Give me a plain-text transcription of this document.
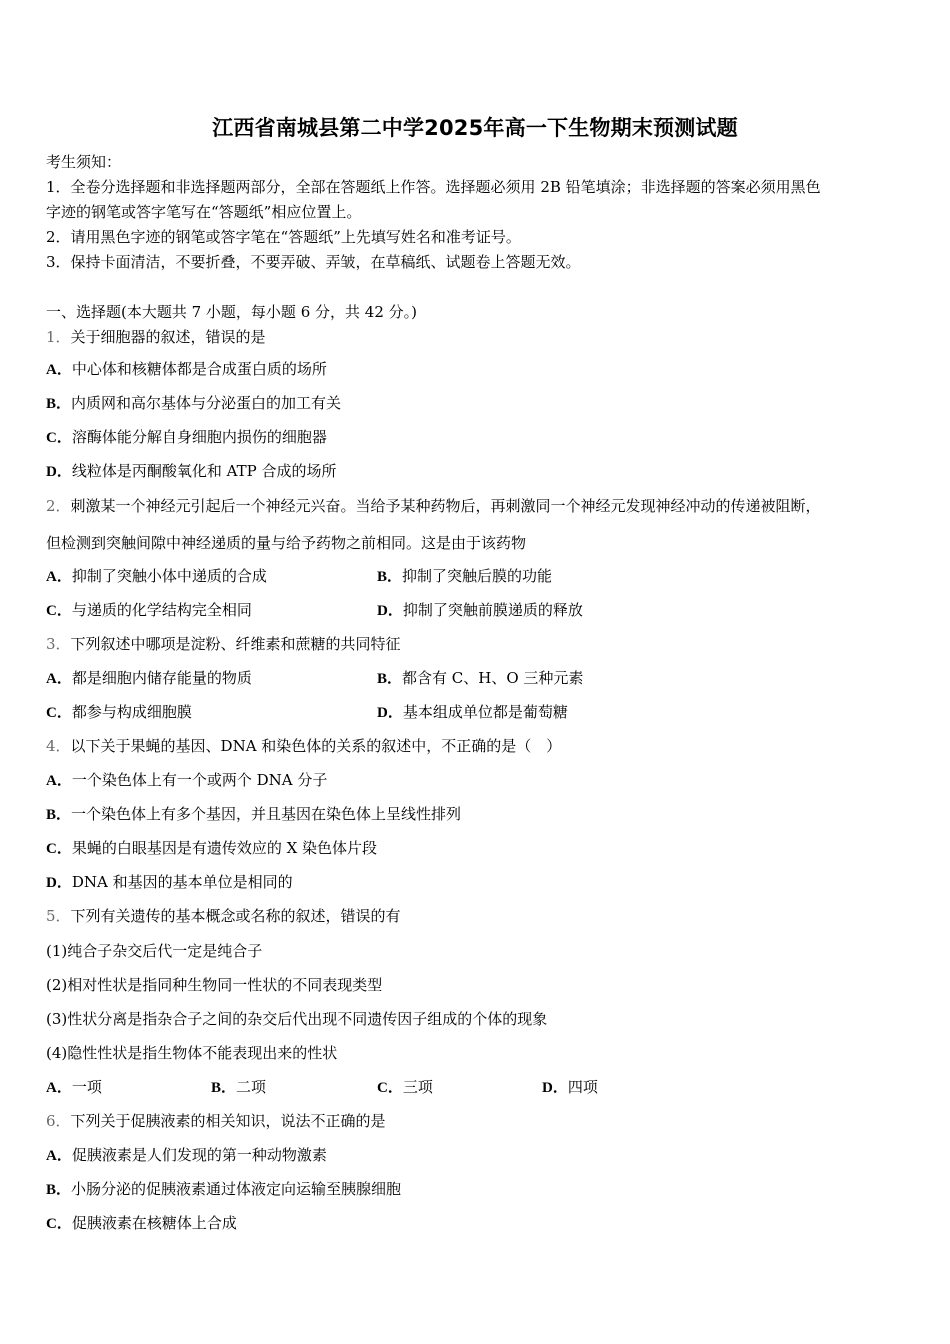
江西省南城县第二中学2025年高一下生物期末预测试题
考生须知：
1．全卷分选择题和非选择题两部分，全部在答题纸上作答。选择题必须用 2B 铅笔填涂；非选择题的答案必须用黑色
字迹的钢笔或答字笔写在“答题纸”相应位置上。
2．请用黑色字迹的钢笔或答字笔在“答题纸”上先填写姓名和准考证号。
3．保持卡面清洁，不要折叠，不要弄破、弄皱，在草稿纸、试题卷上答题无效。
一、选择题(本大题共 7 小题，每小题 6 分，共 42 分。)
1．关于细胞器的叙述，错误的是
A．中心体和核糖体都是合成蛋白质的场所
B．内质网和高尔基体与分泌蛋白的加工有关
C．溶酶体能分解自身细胞内损伤的细胞器
D．线粒体是丙酮酸氧化和 ATP 合成的场所
2．刺激某一个神经元引起后一个神经元兴奋。当给予某种药物后，再刺激同一个神经元发现神经冲动的传递被阻断，
但检测到突触间隙中神经递质的量与给予药物之前相同。这是由于该药物
A．抑制了突触小体中递质的合成	B．抑制了突触后膜的功能
C．与递质的化学结构完全相同	D．抑制了突触前膜递质的释放
3．下列叙述中哪项是淀粉、纤维素和蔗糖的共同特征
A．都是细胞内储存能量的物质	B．都含有 C、H、O 三种元素
C．都参与构成细胞膜	D．基本组成单位都是葡萄糖
4．以下关于果蝇的基因、DNA 和染色体的关系的叙述中，不正确的是（　）
A．一个染色体上有一个或两个 DNA 分子
B．一个染色体上有多个基因，并且基因在染色体上呈线性排列
C．果蝇的白眼基因是有遗传效应的 X 染色体片段
D．DNA 和基因的基本单位是相同的
5．下列有关遗传的基本概念或名称的叙述，错误的有
(1)纯合子杂交后代一定是纯合子
(2)相对性状是指同种生物同一性状的不同表现类型
(3)性状分离是指杂合子之间的杂交后代出现不同遗传因子组成的个体的现象
(4)隐性性状是指生物体不能表现出来的性状
A．一项	B．二项	C．三项	D．四项
6．下列关于促胰液素的相关知识，说法不正确的是
A．促胰液素是人们发现的第一种动物激素
B．小肠分泌的促胰液素通过体液定向运输至胰腺细胞
C．促胰液素在核糖体上合成
